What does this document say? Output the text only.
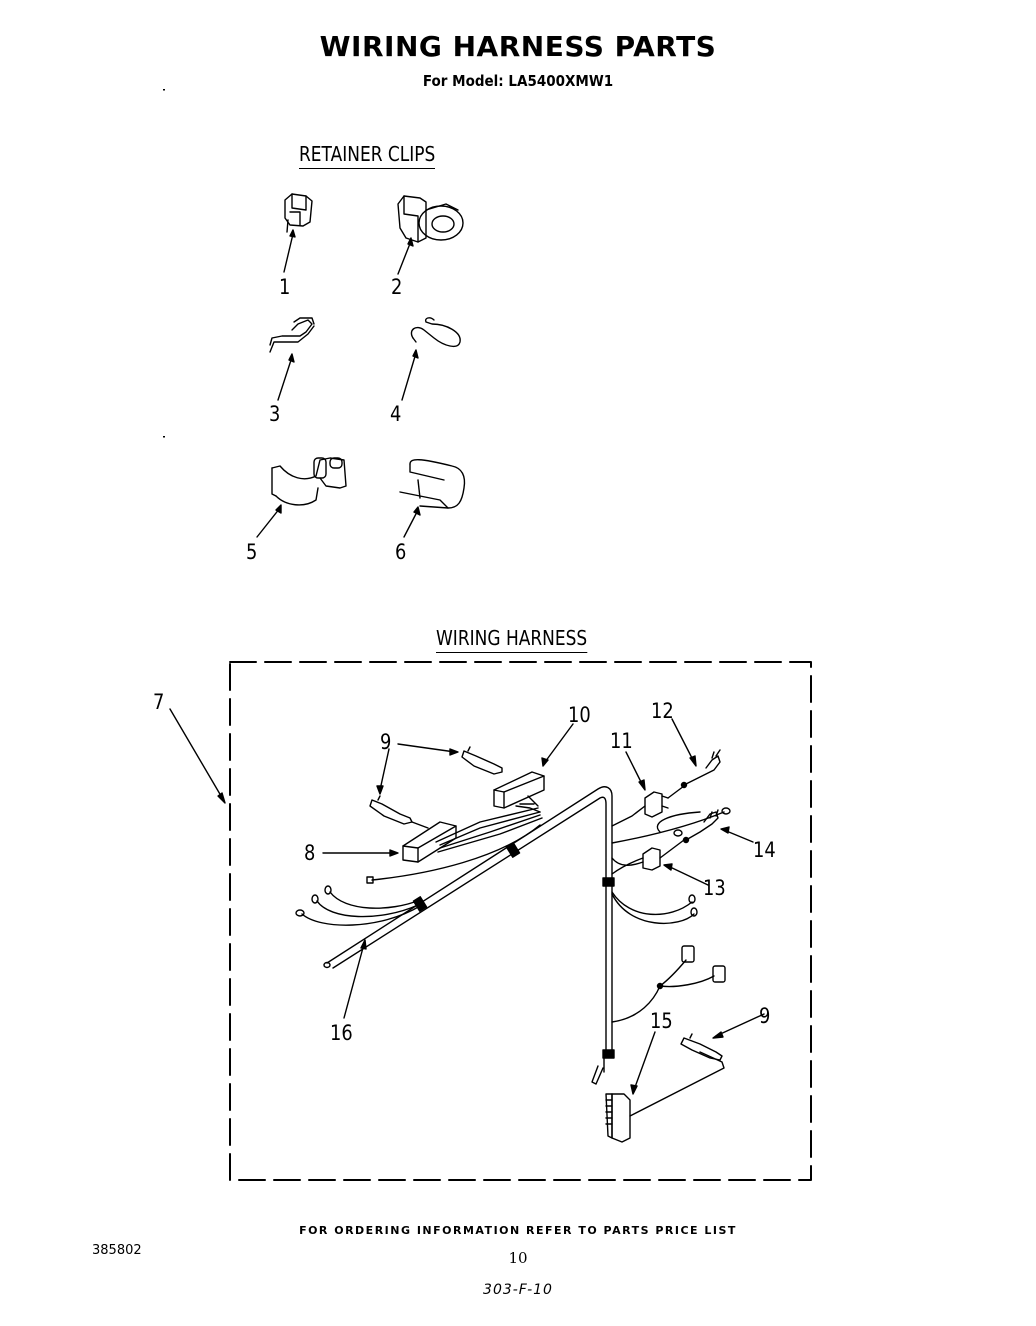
WIRING HARNESS PARTS
For Model: LA5400XMW1
RETAINER CLIPS
1	2
3	4
5	6
WIRING HARNESS
7
8
9
10
11
12
13
14
15	9
16
FOR ORDERING INFORMATION REFER TO PARTS PRICE LIST
385802	10
303-F-10
